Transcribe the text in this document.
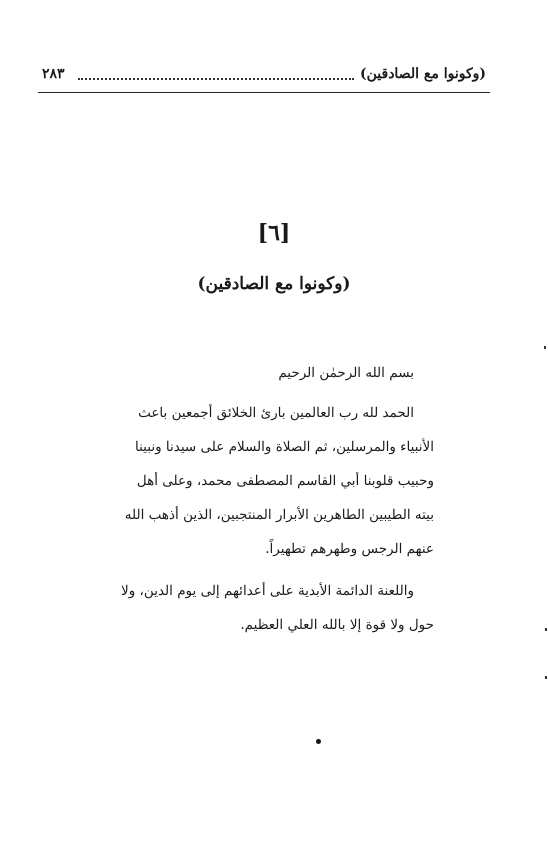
(وكونوا مع الصادقين)
٢٨٣
[٦]
(وكونوا مع الصادقين)

بسم الله الرحمٰن الرحيم

الحمد لله رب العالمين بارئ الخلائق أجمعين باعث الأنبياء والمرسلين، ثم الصلاة والسلام على سيدنا ونبينا وحبيب قلوبنا أبي القاسم المصطفى محمد، وعلى أهل بيته الطيبين الطاهرين الأبرار المنتجبين، الذين أذهب الله عنهم الرجس وطهرهم تطهيراً.

واللعنة الدائمة الأبدية على أعدائهم إلى يوم الدين، ولا حول ولا قوة إلا بالله العلي العظيم.
